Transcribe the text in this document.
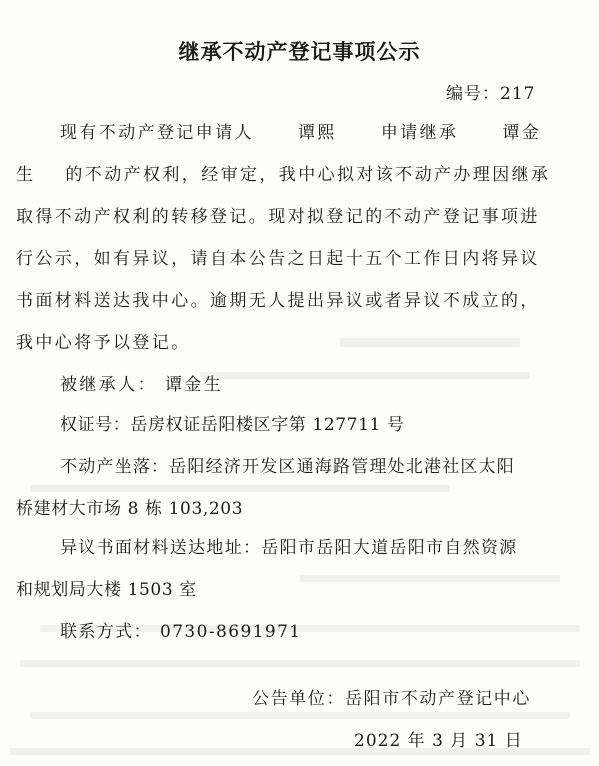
继承不动产登记事项公示
编号：217
现有不动产登记申请人	谭熙	申请继承	谭金
生 的不动产权利，经审定，我中心拟对该不动产办理因继承
取得不动产权利的转移登记。现对拟登记的不动产登记事项进
行公示，如有异议，请自本公告之日起十五个工作日内将异议
书面材料送达我中心。逾期无人提出异议或者异议不成立的，
我中心将予以登记。
被继承人： 谭金生
权证号：岳房权证岳阳楼区字第 127711 号
不动产坐落：岳阳经济开发区通海路管理处北港社区太阳
桥建材大市场 8 栋 103,203
异议书面材料送达地址：岳阳市岳阳大道岳阳市自然资源
和规划局大楼 1503 室
联系方式： 0730-8691971
公告单位：岳阳市不动产登记中心
2022 年 3 月 31 日
